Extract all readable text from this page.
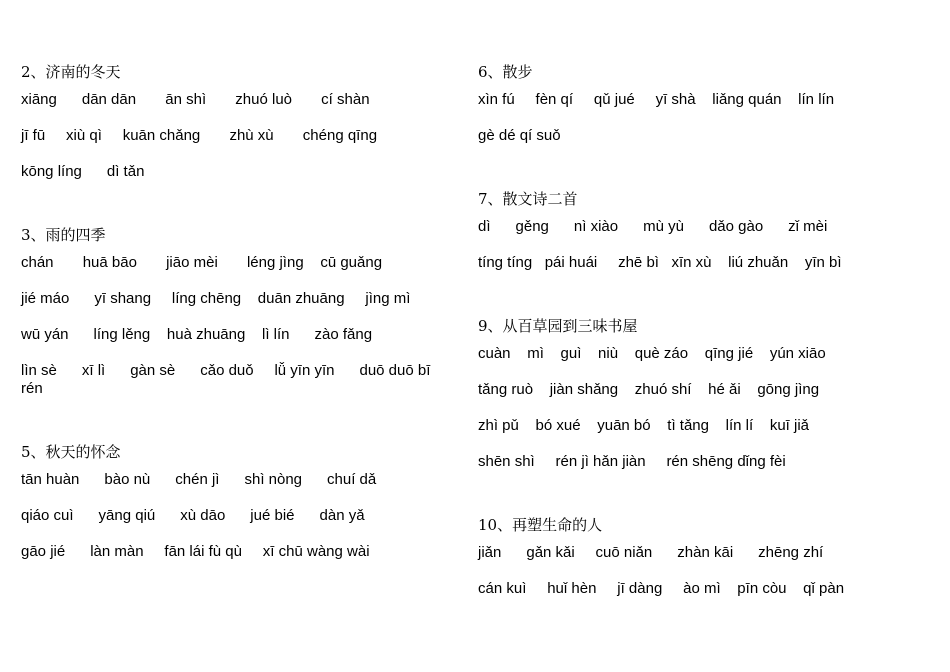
2、济南的冬天
xiāng      dān dān       ān shì       zhuó luò       cí shàn
jī fū     xiù qì     kuān chǎng       zhù xù       chéng qīng
kōng líng      dì tǎn
3、雨的四季
chán       huā bāo       jiāo mèi       léng jìng    cū guǎng
jié máo      yī shang     líng chēng    duān zhuāng     jìng mì
wū yán      líng lěng    huà zhuāng    lì lín      zào fǎng
lìn sè      xī lì      gàn sè      cǎo duǒ     lǚ yīn yīn      duō duō bī rén
5、秋天的怀念
tān huàn      bào nù      chén jì      shì nòng      chuí dǎ
qiáo cuì      yāng qiú      xù dāo      jué bié      dàn yǎ
gāo jié      làn màn     fān lái fù qù     xī chū wàng wài
6、散步
xìn fú     fèn qí     qǔ jué     yī shà    liǎng quán    lín lín
gè dé qí suǒ
7、散文诗二首
dì      gěng      nì xiào      mù yù      dǎo gào      zǐ mèi
tíng tíng   pái huái     zhē bì   xīn xù    liú zhuǎn    yīn bì
9、从百草园到三味书屋
cuàn    mì    guì    niù    què záo    qīng jié    yún xiāo
tǎng ruò    jiàn shǎng    zhuó shí    hé ǎi    gōng jìng
zhì pǔ    bó xué    yuān bó    tì tǎng    lín lí    kuī jiǎ
shēn shì     rén jì hǎn jiàn     rén shēng dǐng fèi
10、再塑生命的人
jiǎn      gǎn kǎi     cuō niǎn      zhàn kāi      zhēng zhí
cán kuì     huǐ hèn     jī dàng     ào mì    pīn còu    qǐ pàn
